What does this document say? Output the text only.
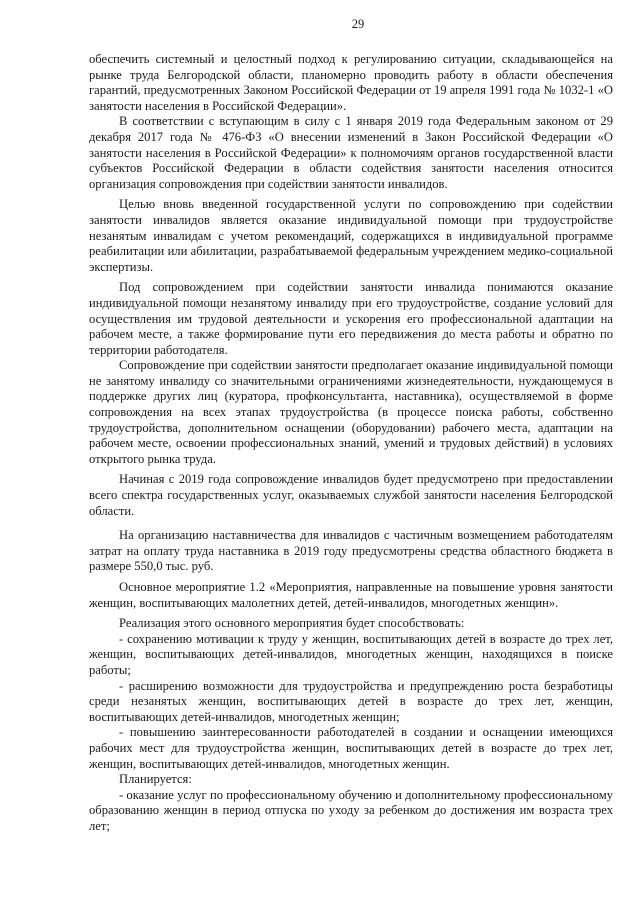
29

обеспечить системный и целостный подход к регулированию ситуации, складывающейся на рынке труда Белгородской области, планомерно проводить работу в области обеспечения гарантий, предусмотренных Законом Российской Федерации от 19 апреля 1991 года № 1032-1 «О занятости населения в Российской Федерации».

В соответствии с вступающим в силу с 1 января 2019 года Федеральным законом от 29 декабря 2017 года № 476-ФЗ «О внесении изменений в Закон Российской Федерации «О занятости населения в Российской Федерации» к полномочиям органов государственной власти субъектов Российской Федерации в области содействия занятости населения относится организация сопровождения при содействии занятости инвалидов.

Целью вновь введенной государственной услуги по сопровождению при содействии занятости инвалидов является оказание индивидуальной помощи при трудоустройстве незанятым инвалидам с учетом рекомендаций, содержащихся в индивидуальной программе реабилитации или абилитации, разрабатываемой федеральным учреждением медико-социальной экспертизы.

Под сопровождением при содействии занятости инвалида понимаются оказание индивидуальной помощи незанятому инвалиду при его трудоустройстве, создание условий для осуществления им трудовой деятельности и ускорения его профессиональной адаптации на рабочем месте, а также формирование пути его передвижения до места работы и обратно по территории работодателя.

Сопровождение при содействии занятости предполагает оказание индивидуальной помощи не занятому инвалиду со значительными ограничениями жизнедеятельности, нуждающемуся в поддержке других лиц (куратора, профконсультанта, наставника), осуществляемой в форме сопровождения на всех этапах трудоустройства (в процессе поиска работы, собственно трудоустройства, дополнительном оснащении (оборудовании) рабочего места, адаптации на рабочем месте, освоении профессиональных знаний, умений и трудовых действий) в условиях открытого рынка труда.

Начиная с 2019 года сопровождение инвалидов будет предусмотрено при предоставлении всего спектра государственных услуг, оказываемых службой занятости населения Белгородской области.

На организацию наставничества для инвалидов с частичным возмещением работодателям затрат на оплату труда наставника в 2019 году предусмотрены средства областного бюджета в размере 550,0 тыс. руб.

Основное мероприятие 1.2 «Мероприятия, направленные на повышение уровня занятости женщин, воспитывающих малолетних детей, детей-инвалидов, многодетных женщин».

Реализация этого основного мероприятия будет способствовать:

- сохранению мотивации к труду у женщин, воспитывающих детей в возрасте до трех лет, женщин, воспитывающих детей-инвалидов, многодетных женщин, находящихся в поиске работы;

- расширению возможности для трудоустройства и предупреждению роста безработицы среди незанятых женщин, воспитывающих детей в возрасте до трех лет, женщин, воспитывающих детей-инвалидов, многодетных женщин;

- повышению заинтересованности работодателей в создании и оснащении имеющихся рабочих мест для трудоустройства женщин, воспитывающих детей в возрасте до трех лет, женщин, воспитывающих детей-инвалидов, многодетных женщин.

Планируется:

- оказание услуг по профессиональному обучению и дополнительному профессиональному образованию женщин в период отпуска по уходу за ребенком до достижения им возраста трех лет;
